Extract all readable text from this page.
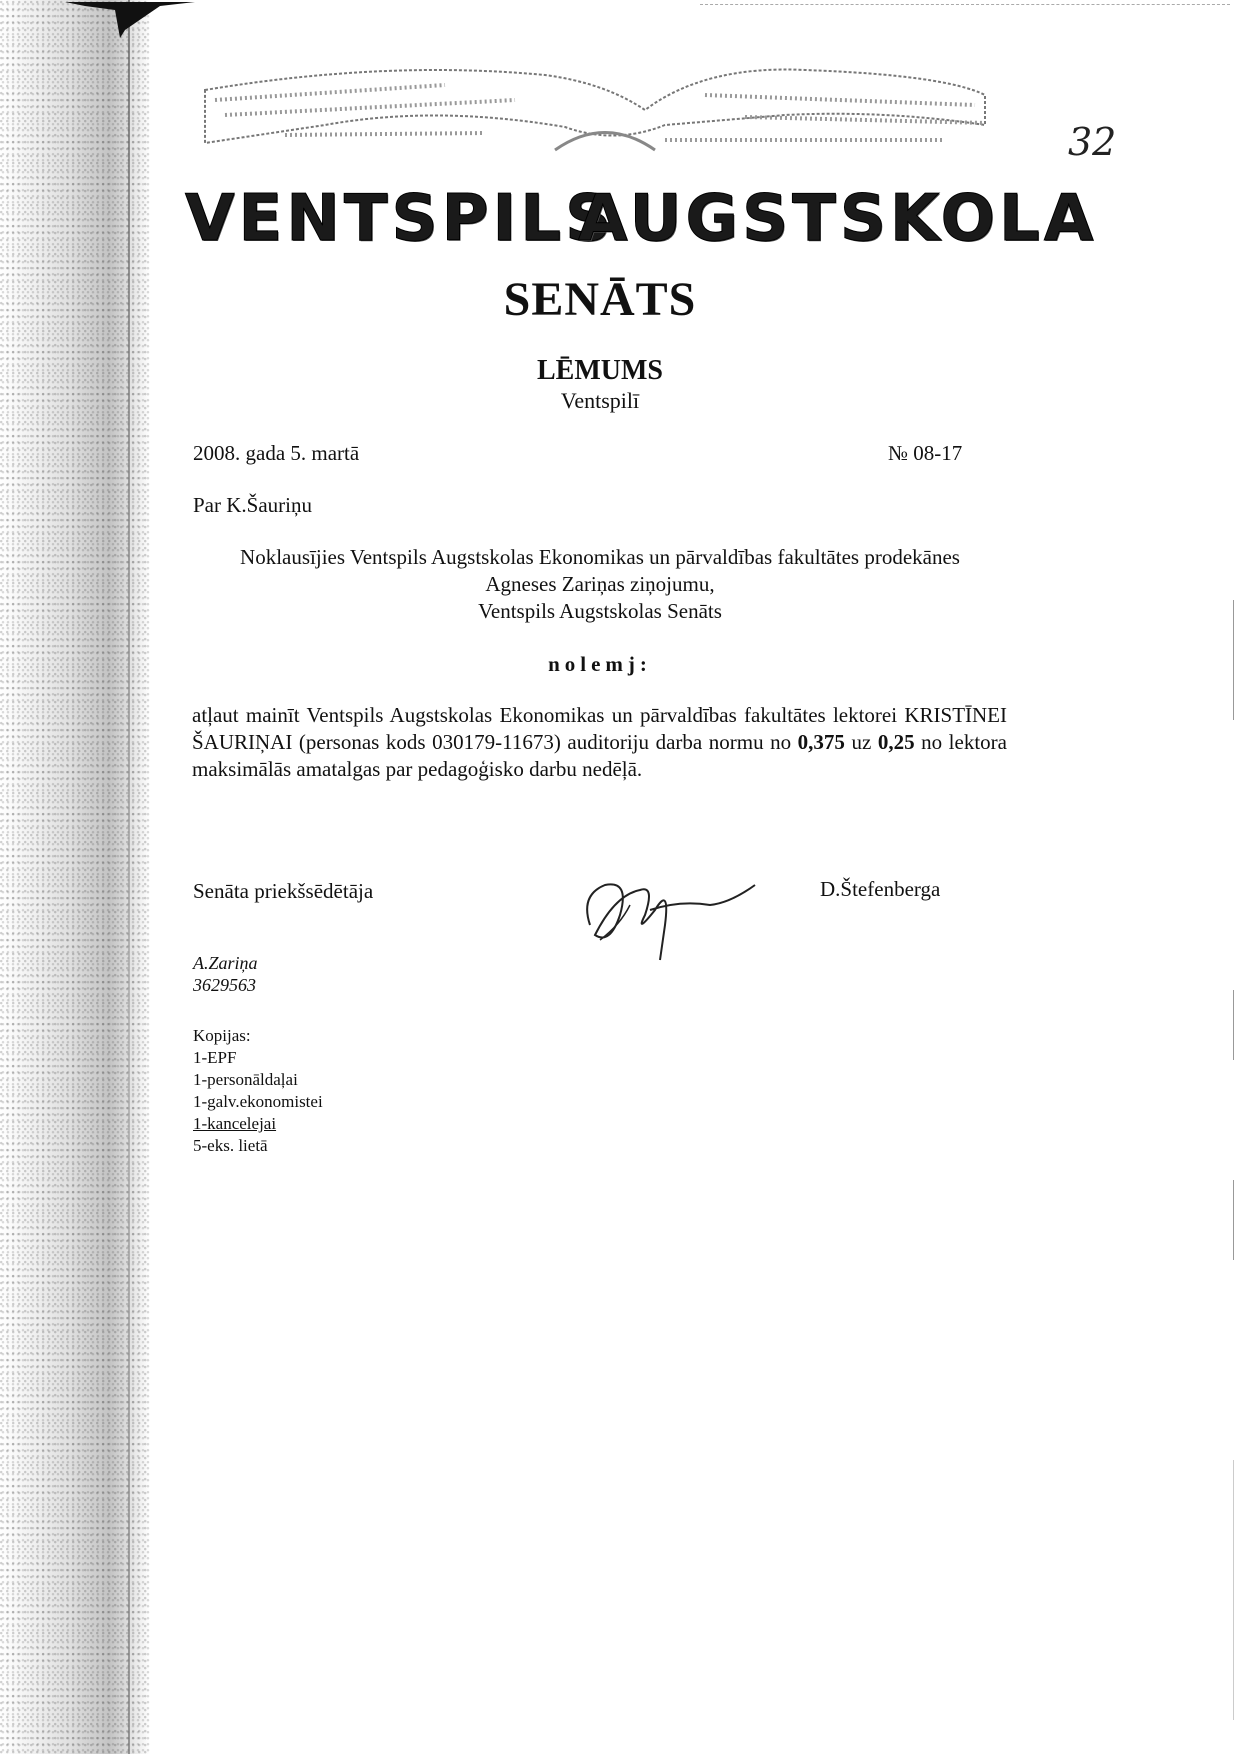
VENTSPILS
AUGSTSKOLA
32
SENĀTS
LĒMUMS
Ventspilī
2008. gada 5. martā	№ 08-17
Par K.Šauriņu
Noklausījies Ventspils Augstskolas Ekonomikas un pārvaldības fakultātes prodekānes
Agneses Zariņas ziņojumu,
Ventspils Augstskolas Senāts
nolemj:
atļaut mainīt Ventspils Augstskolas Ekonomikas un pārvaldības fakultātes lektorei KRISTĪNEI ŠAURIŅAI (personas kods 030179-11673) auditoriju darba normu no 0,375 uz 0,25 no lektora maksimālās amatalgas par pedagoģisko darbu nedēļā.
Senāta priekšsēdētāja	D.Štefenberga
A.Zariņa
3629563
Kopijas:
1-EPF
1-personāldaļai
1-galv.ekonomistei
1-kancelejai
5-eks. lietā
